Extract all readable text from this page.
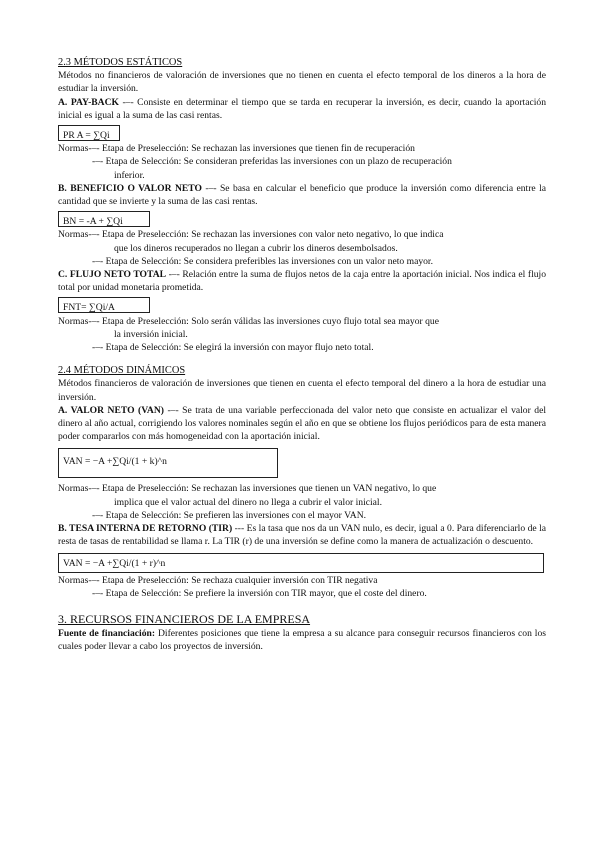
2.3 MÉTODOS ESTÁTICOS

Métodos no financieros de valoración de inversiones que no tienen en cuenta el efecto temporal de los dineros a la hora de estudiar la inversión.

A. PAY-BACK -–- Consiste en determinar el tiempo que se tarda en recuperar la inversión, es decir, cuando la aportación inicial es igual a la suma de las casi rentas.

PR A = ∑Qi
Normas -–- Etapa de Preselección: Se rechazan las inversiones que tienen fin de recuperación

-–- Etapa de Selección: Se consideran preferidas las inversiones con un plazo de recuperación

inferior.

B. BENEFICIO O VALOR NETO -–- Se basa en calcular el beneficio que produce la inversión como diferencia entre la cantidad que se invierte y la suma de las casi rentas.

BN = -A + ∑Qi
Normas -–- Etapa de Preselección: Se rechazan las inversiones con valor neto negativo, lo que indica

que los dineros recuperados no llegan a cubrir los dineros desembolsados.

-–- Etapa de Selección: Se considera preferibles las inversiones con un valor neto mayor.

C. FLUJO NETO TOTAL -–- Relación entre la suma de flujos netos de la caja entre la aportación inicial. Nos indica el flujo total por unidad monetaria prometida.

FNT= ∑Qi/A
Normas -–- Etapa de Preselección: Solo serán válidas las inversiones cuyo flujo total sea mayor que

la inversión inicial.

-–- Etapa de Selección: Se elegirá la inversión con mayor flujo neto total.

2.4 MÉTODOS DINÁMICOS

Métodos financieros de valoración de inversiones que tienen en cuenta el efecto temporal del dinero a la hora de estudiar una inversión.

A. VALOR NETO (VAN) -–- Se trata de una variable perfeccionada del valor neto que consiste en actualizar el valor del dinero al año actual, corrigiendo los valores nominales según el año en que se obtiene los flujos periódicos para de esta manera poder compararlos con más homogeneidad con la aportación inicial.

VAN = −A +∑Qi/(1 + k)^n
Normas -–- Etapa de Preselección: Se rechazan las inversiones que tienen un VAN negativo, lo que

implica que el valor actual del dinero no llega a cubrir el valor inicial.

-–- Etapa de Selección: Se prefieren las inversiones con el mayor VAN.

B. TESA INTERNA DE RETORNO (TIR) --- Es la tasa que nos da un VAN nulo, es decir, igual a 0. Para diferenciarlo de la resta de tasas de rentabilidad se llama r. La TIR (r) de una inversión se define como la manera de actualización o descuento.

VAN = −A +∑Qi/(1 + r)^n
Normas -–- Etapa de Preselección: Se rechaza cualquier inversión con TIR negativa

-–- Etapa de Selección: Se prefiere la inversión con TIR mayor, que el coste del dinero.

3. RECURSOS FINANCIEROS DE LA EMPRESA

Fuente de financiación: Diferentes posiciones que tiene la empresa a su alcance para conseguir recursos financieros con los cuales poder llevar a cabo los proyectos de inversión.
